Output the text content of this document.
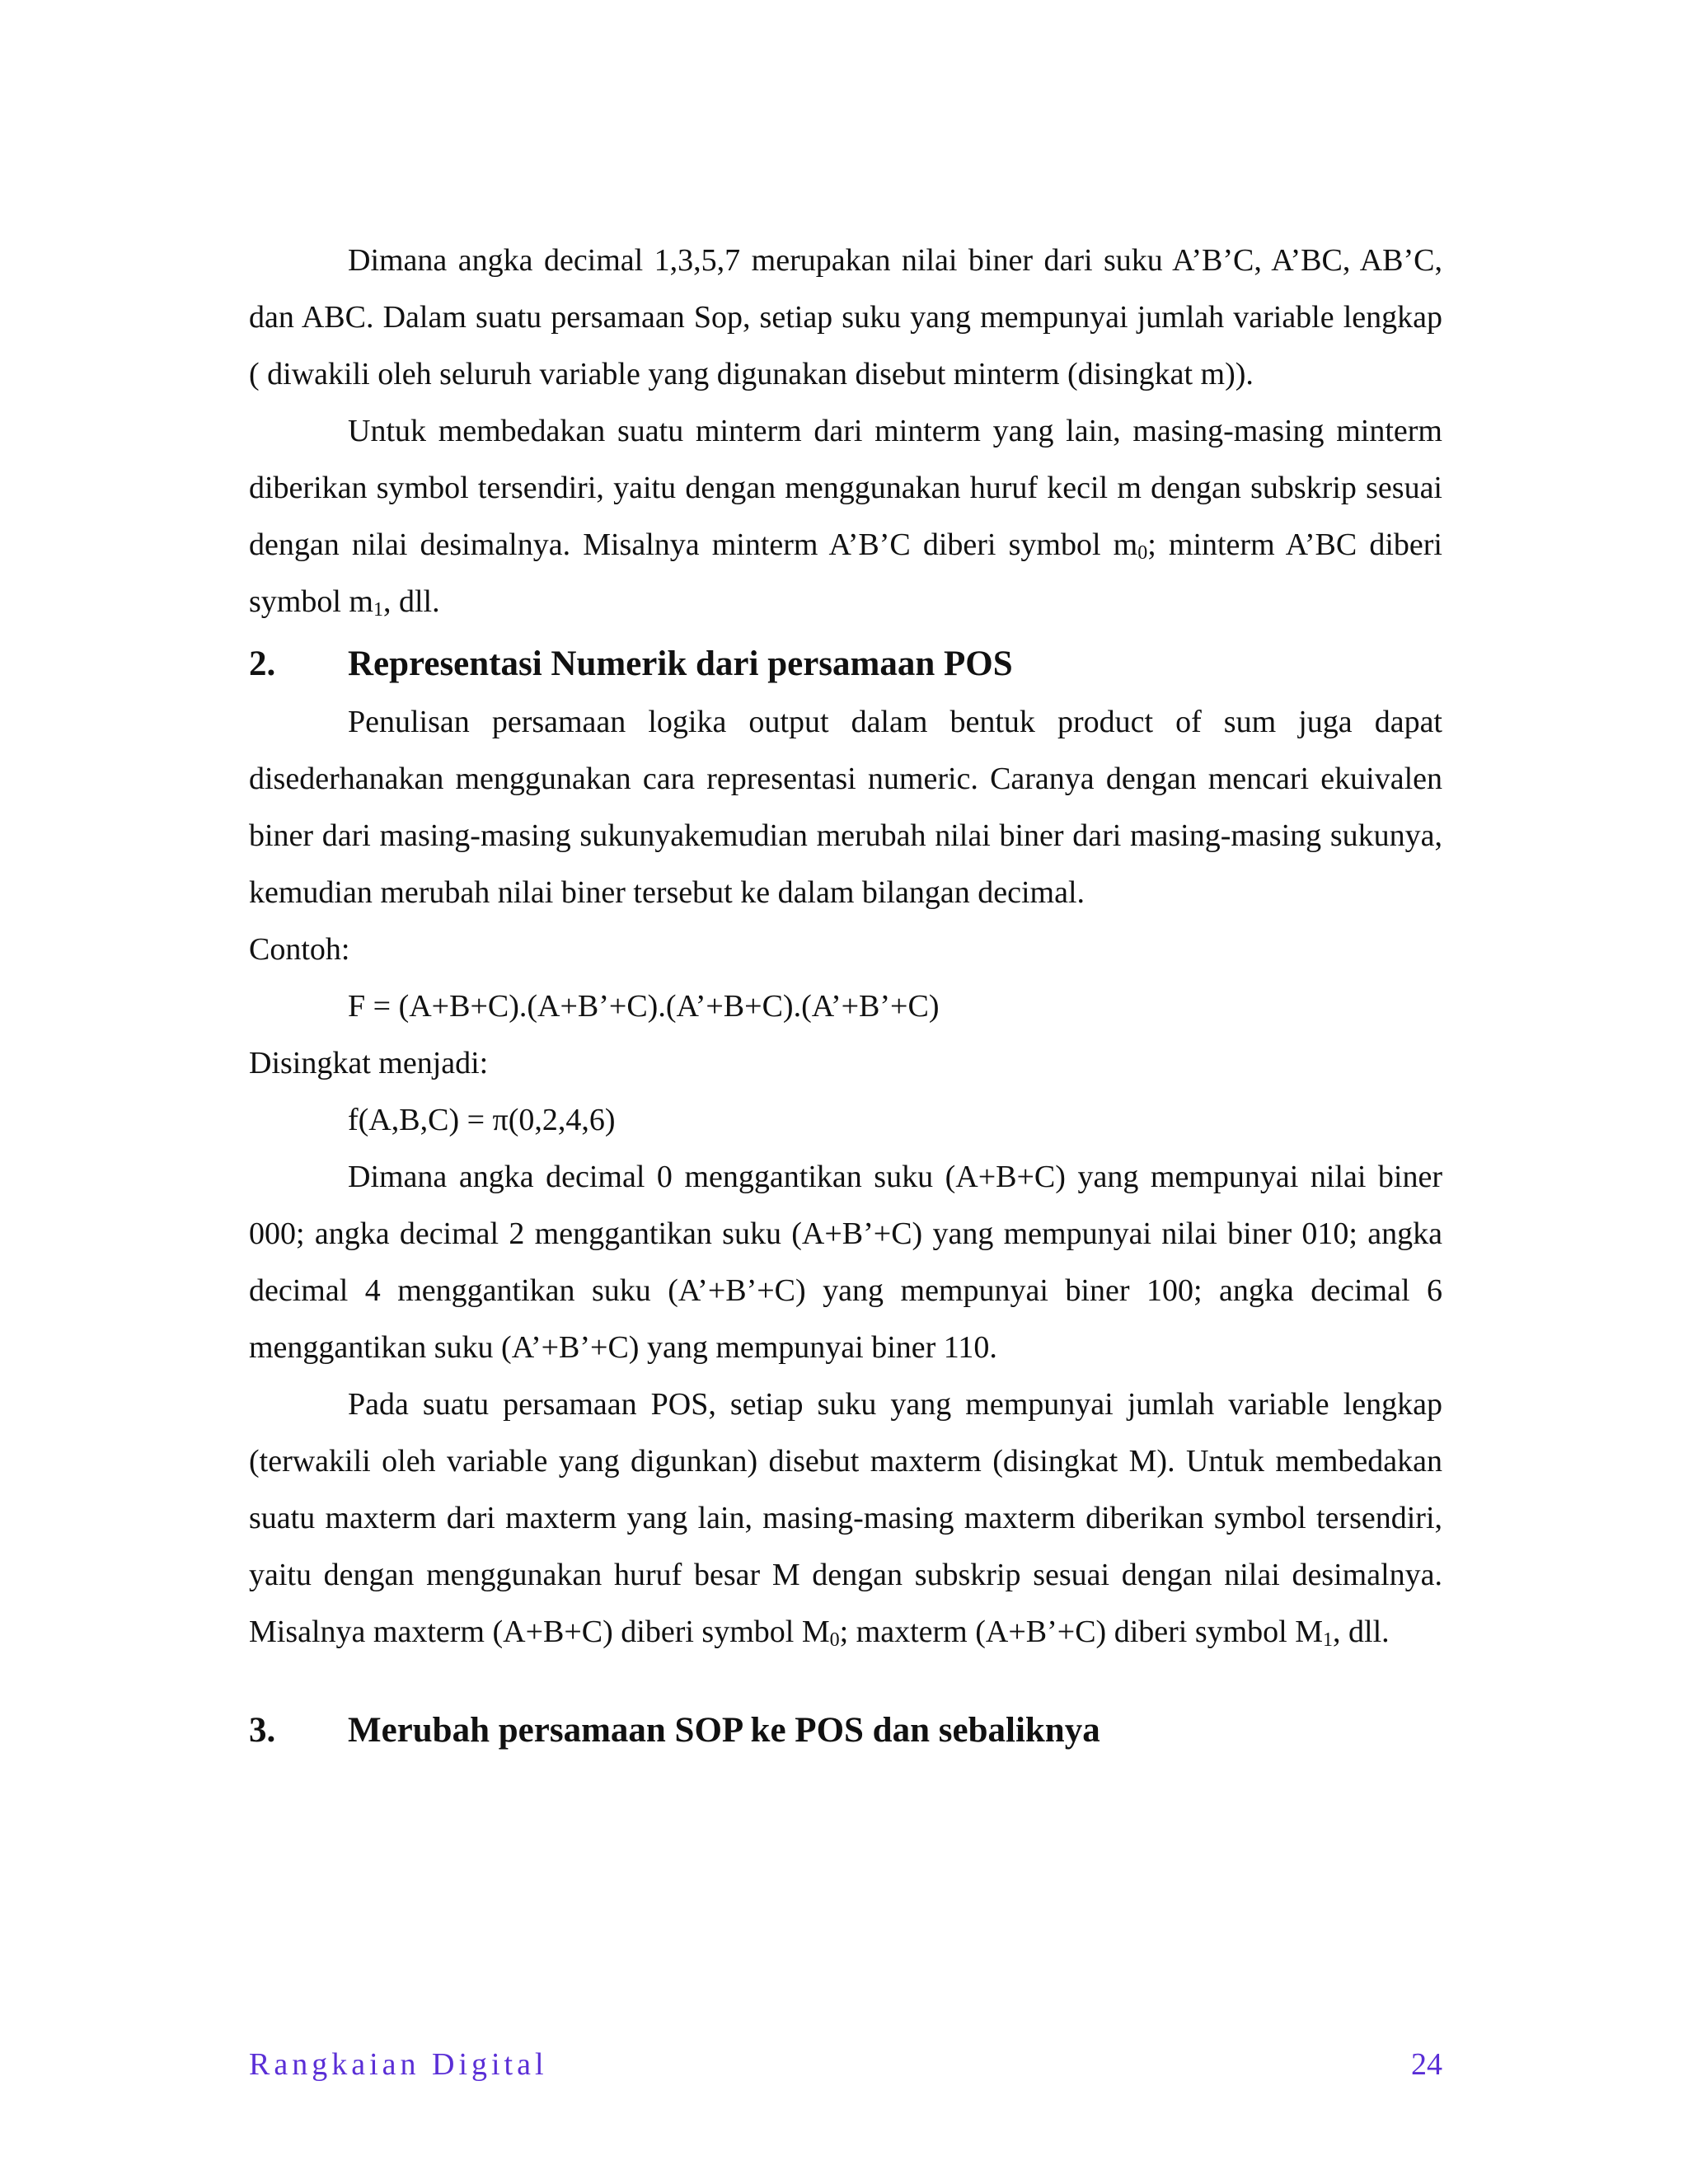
Dimana angka decimal 1,3,5,7 merupakan nilai biner dari suku A’B’C, A’BC, AB’C, dan ABC. Dalam suatu persamaan Sop, setiap suku yang mempunyai jumlah variable lengkap ( diwakili oleh seluruh variable yang digunakan disebut minterm (disingkat m)).

Untuk membedakan suatu minterm dari minterm yang lain, masing-masing minterm diberikan symbol tersendiri, yaitu dengan menggunakan huruf kecil m dengan subskrip sesuai dengan nilai desimalnya. Misalnya minterm A’B’C diberi symbol $m_0$; minterm A’BC diberi symbol $m_1$, dll.

2.	Representasi Numerik dari persamaan POS

Penulisan persamaan logika output dalam bentuk product of sum juga dapat disederhanakan menggunakan cara representasi numeric. Caranya dengan mencari ekuivalen biner dari masing-masing sukunyakemudian merubah nilai biner dari masing-masing sukunya, kemudian merubah nilai biner tersebut ke dalam bilangan decimal.

Contoh:

F = (A+B+C).(A+B’+C).(A’+B+C).(A’+B’+C)

Disingkat menjadi:

f(A,B,C) = π(0,2,4,6)

Dimana angka decimal 0 menggantikan suku (A+B+C) yang mempunyai nilai biner 000; angka decimal 2 menggantikan suku (A+B’+C) yang mempunyai nilai biner 010; angka decimal 4 menggantikan suku (A’+B’+C) yang mempunyai biner 100; angka decimal 6 menggantikan suku (A’+B’+C) yang mempunyai biner 110.

Pada suatu persamaan POS, setiap suku yang mempunyai jumlah variable lengkap (terwakili oleh variable yang digunkan) disebut maxterm (disingkat M). Untuk membedakan suatu maxterm dari maxterm yang lain, masing-masing maxterm diberikan symbol tersendiri, yaitu dengan menggunakan huruf besar M dengan subskrip sesuai dengan nilai desimalnya. Misalnya maxterm (A+B+C) diberi symbol $M_0$; maxterm (A+B’+C) diberi symbol $M_1$, dll.

3.	Merubah persamaan SOP ke POS dan sebaliknya
Rangkaian Digital	24
